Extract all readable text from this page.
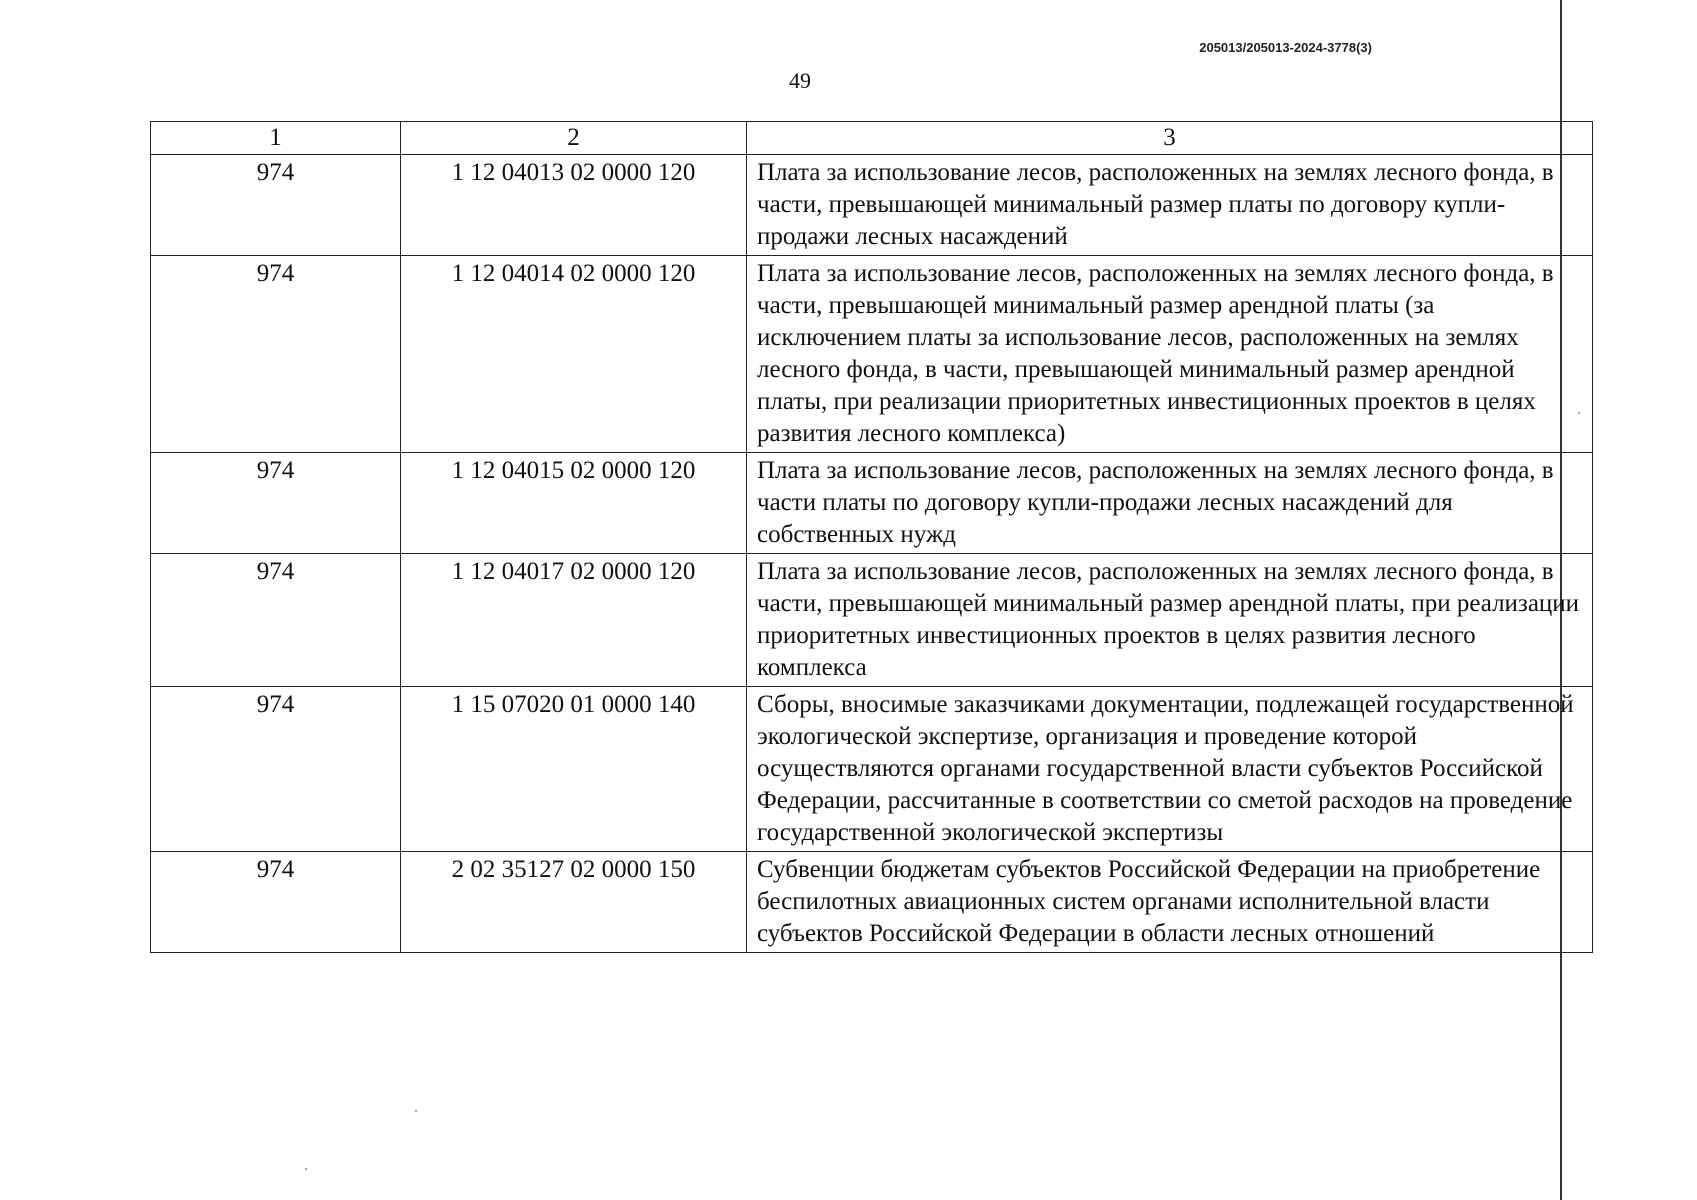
205013/205013-2024-3778(3)
49
1	2	3
974	1 12 04013 02 0000 120	Плата за использование лесов, расположенных на землях лесного фонда, в части, превышающей минимальный размер платы по договору купли-продажи лесных насаждений
974	1 12 04014 02 0000 120	Плата за использование лесов, расположенных на землях лесного фонда, в части, превышающей минимальный размер арендной платы (за исключением платы за использование лесов, расположенных на землях лесного фонда, в части, превышающей минимальный размер арендной платы, при реализации приоритетных инвестиционных проектов в целях развития лесного комплекса)
974	1 12 04015 02 0000 120	Плата за использование лесов, расположенных на землях лесного фонда, в части платы по договору купли-продажи лесных насаждений для собственных нужд
974	1 12 04017 02 0000 120	Плата за использование лесов, расположенных на землях лесного фонда, в части, превышающей минимальный размер арендной платы, при реализации приоритетных инвестиционных проектов в целях развития лесного комплекса
974	1 15 07020 01 0000 140	Сборы, вносимые заказчиками документации, подлежащей государственной экологической экспертизе, организация и проведение которой осуществляются органами государственной власти субъектов Российской Федерации, рассчитанные в соответствии со сметой расходов на проведение государственной экологической экспертизы
974	2 02 35127 02 0000 150	Субвенции бюджетам субъектов Российской Федерации на приобретение беспилотных авиационных систем органами исполнительной власти субъектов Российской Федерации в области лесных отношений
